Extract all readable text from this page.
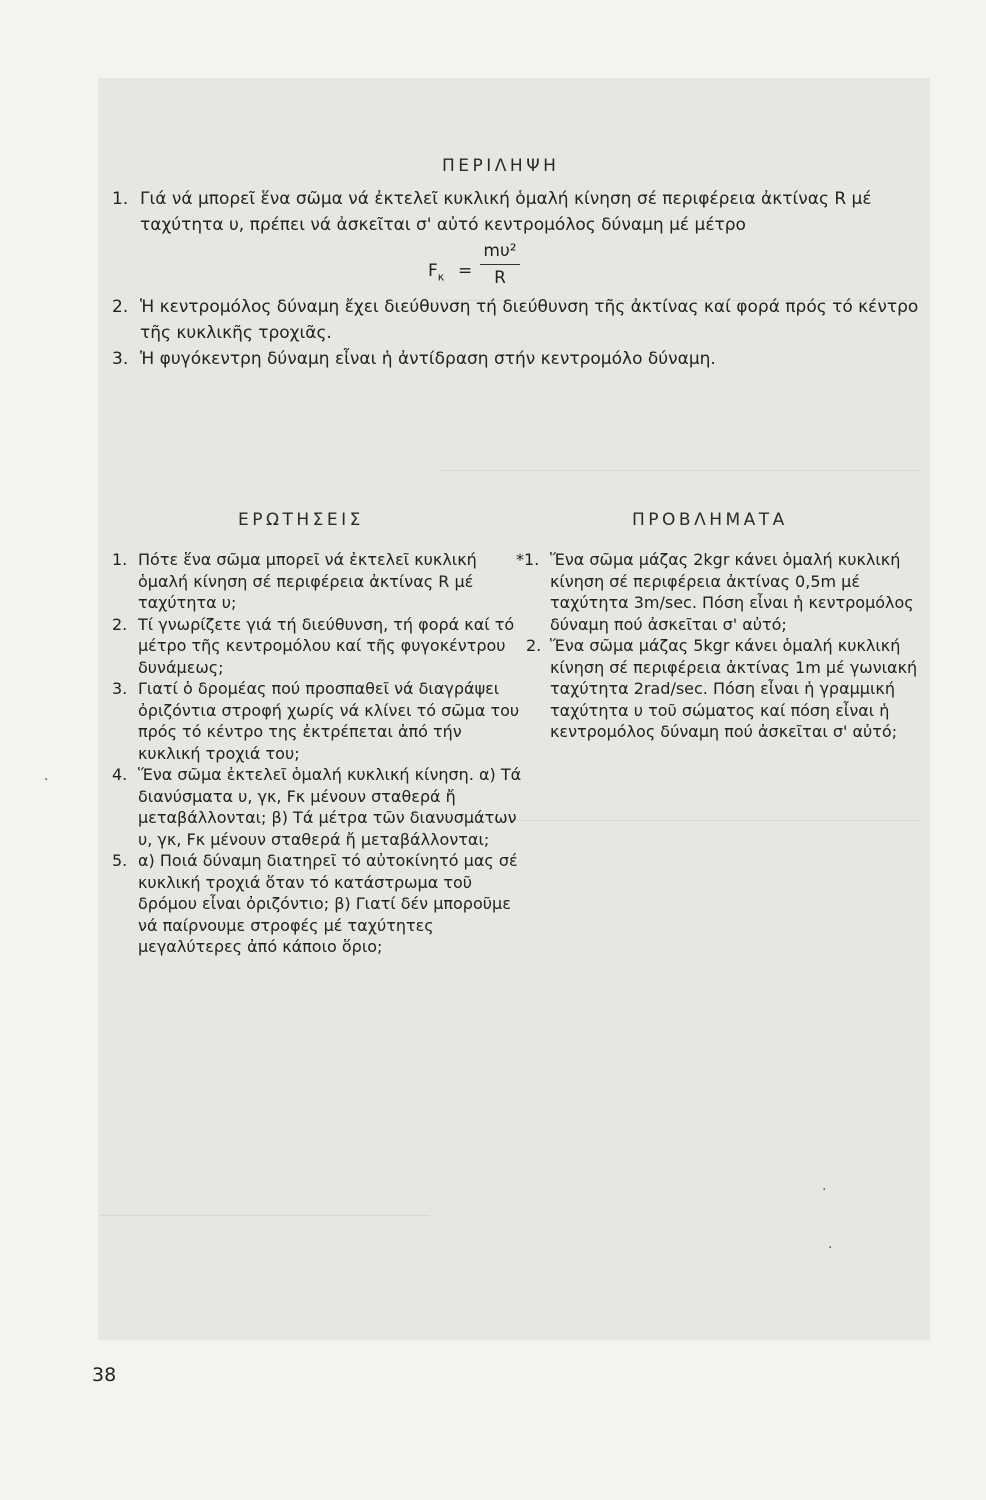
ΠΕΡΙΛΗΨΗ
1. Γιά νά μπορεῖ ἕνα σῶμα νά ἐκτελεῖ κυκλική ὁμαλή κίνηση σέ περιφέρεια ἀκτίνας R μέ ταχύτητα υ, πρέπει νά ἀσκεῖται σ' αὐτό κεντρομόλος δύναμη μέ μέτρο
$F_\kappa$ =
mυ²
R
2. Ἡ κεντρομόλος δύναμη ἔχει διεύθυνση τή διεύθυνση τῆς ἀκτίνας καί φορά πρός τό κέντρο τῆς κυκλικῆς τροχιᾶς.
3. Ἡ φυγόκεντρη δύναμη εἶναι ἡ ἀντίδραση στήν κεντρομόλο δύναμη.
ΕΡΩΤΗΣΕΙΣ	ΠΡΟΒΛΗΜΑΤΑ
1. Πότε ἕνα σῶμα μπορεῖ νά ἐκτελεῖ κυκλική ὁμαλή κίνηση σέ περιφέρεια ἀκτίνας R μέ ταχύτητα υ;
2. Τί γνωρίζετε γιά τή διεύθυνση, τή φορά καί τό μέτρο τῆς κεντρομόλου καί τῆς φυγοκέντρου δυνάμεως;
3. Γιατί ὁ δρομέας πού προσπαθεῖ νά διαγράψει ὀριζόντια στροφή χωρίς νά κλίνει τό σῶμα του πρός τό κέντρο της ἐκτρέπεται ἀπό τήν κυκλική τροχιά του;
4. Ἕνα σῶμα ἐκτελεῖ ὁμαλή κυκλική κίνηση. α) Τά διανύσματα υ, γκ, Fκ μένουν σταθερά ἤ μεταβάλλονται; β) Τά μέτρα τῶν διανυσμάτων υ, γκ, Fκ μένουν σταθερά ἤ μεταβάλλονται;
5. α) Ποιά δύναμη διατηρεῖ τό αὐτοκίνητό μας σέ κυκλική τροχιά ὅταν τό κατάστρωμα τοῦ δρόμου εἶναι ὀριζόντιο; β) Γιατί δέν μποροῦμε νά παίρνουμε στροφές μέ ταχύτητες μεγαλύτερες ἀπό κάποιο ὅριο;
*1. Ἕνα σῶμα μάζας 2kgr κάνει ὁμαλή κυκλική κίνηση σέ περιφέρεια ἀκτίνας 0,5m μέ ταχύτητα 3m/sec. Πόση εἶναι ἡ κεντρομόλος δύναμη πού ἀσκεῖται σ' αὐτό;
2. Ἕνα σῶμα μάζας 5kgr κάνει ὁμαλή κυκλική κίνηση σέ περιφέρεια ἀκτίνας 1m μέ γωνιακή ταχύτητα 2rad/sec. Πόση εἶναι ἡ γραμμική ταχύτητα υ τοῦ σώματος καί πόση εἶναι ἡ κεντρομόλος δύναμη πού ἀσκεῖται σ' αὐτό;
38
·
·
·
